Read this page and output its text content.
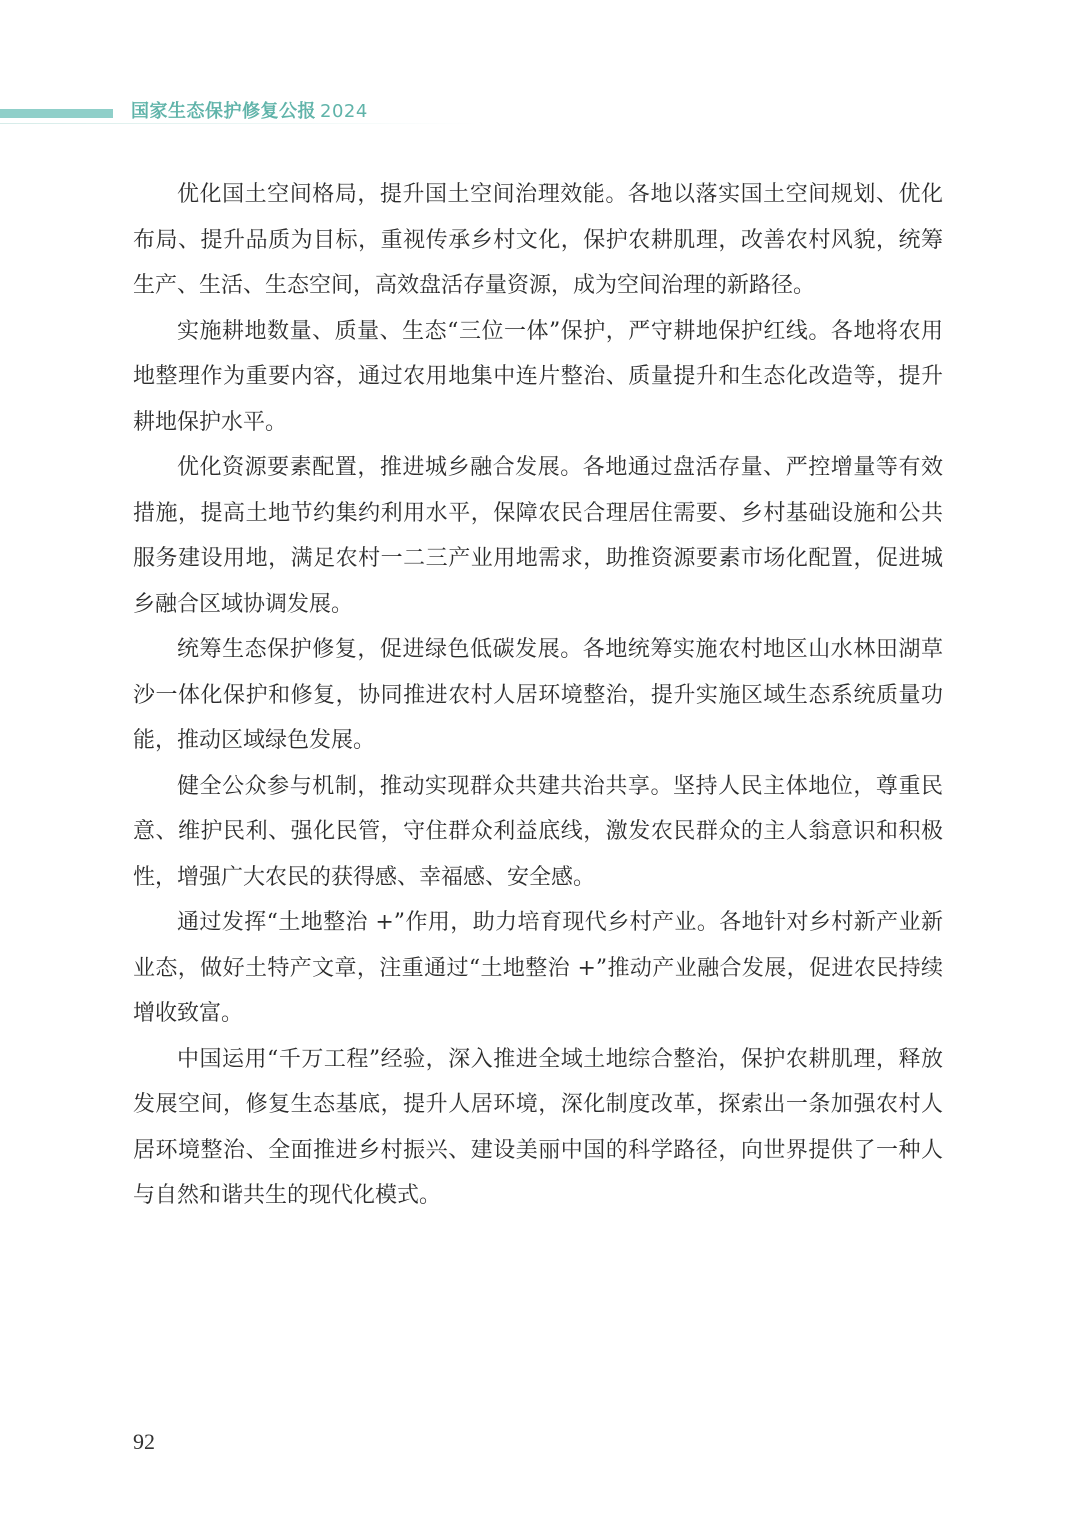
国家生态保护修复公报 2024

优化国土空间格局，提升国土空间治理效能。各地以落实国土空间规划、优化布局、提升品质为目标，重视传承乡村文化，保护农耕肌理，改善农村风貌，统筹生产、生活、生态空间，高效盘活存量资源，成为空间治理的新路径。

实施耕地数量、质量、生态“三位一体”保护，严守耕地保护红线。各地将农用地整理作为重要内容，通过农用地集中连片整治、质量提升和生态化改造等，提升耕地保护水平。

优化资源要素配置，推进城乡融合发展。各地通过盘活存量、严控增量等有效措施，提高土地节约集约利用水平，保障农民合理居住需要、乡村基础设施和公共服务建设用地，满足农村一二三产业用地需求，助推资源要素市场化配置，促进城乡融合区域协调发展。

统筹生态保护修复，促进绿色低碳发展。各地统筹实施农村地区山水林田湖草沙一体化保护和修复，协同推进农村人居环境整治，提升实施区域生态系统质量功能，推动区域绿色发展。

健全公众参与机制，推动实现群众共建共治共享。坚持人民主体地位，尊重民意、维护民利、强化民管，守住群众利益底线，激发农民群众的主人翁意识和积极性，增强广大农民的获得感、幸福感、安全感。

通过发挥“土地整治 +”作用，助力培育现代乡村产业。各地针对乡村新产业新业态，做好土特产文章，注重通过“土地整治 +”推动产业融合发展，促进农民持续增收致富。

中国运用“千万工程”经验，深入推进全域土地综合整治，保护农耕肌理，释放发展空间，修复生态基底，提升人居环境，深化制度改革，探索出一条加强农村人居环境整治、全面推进乡村振兴、建设美丽中国的科学路径，向世界提供了一种人与自然和谐共生的现代化模式。

92
